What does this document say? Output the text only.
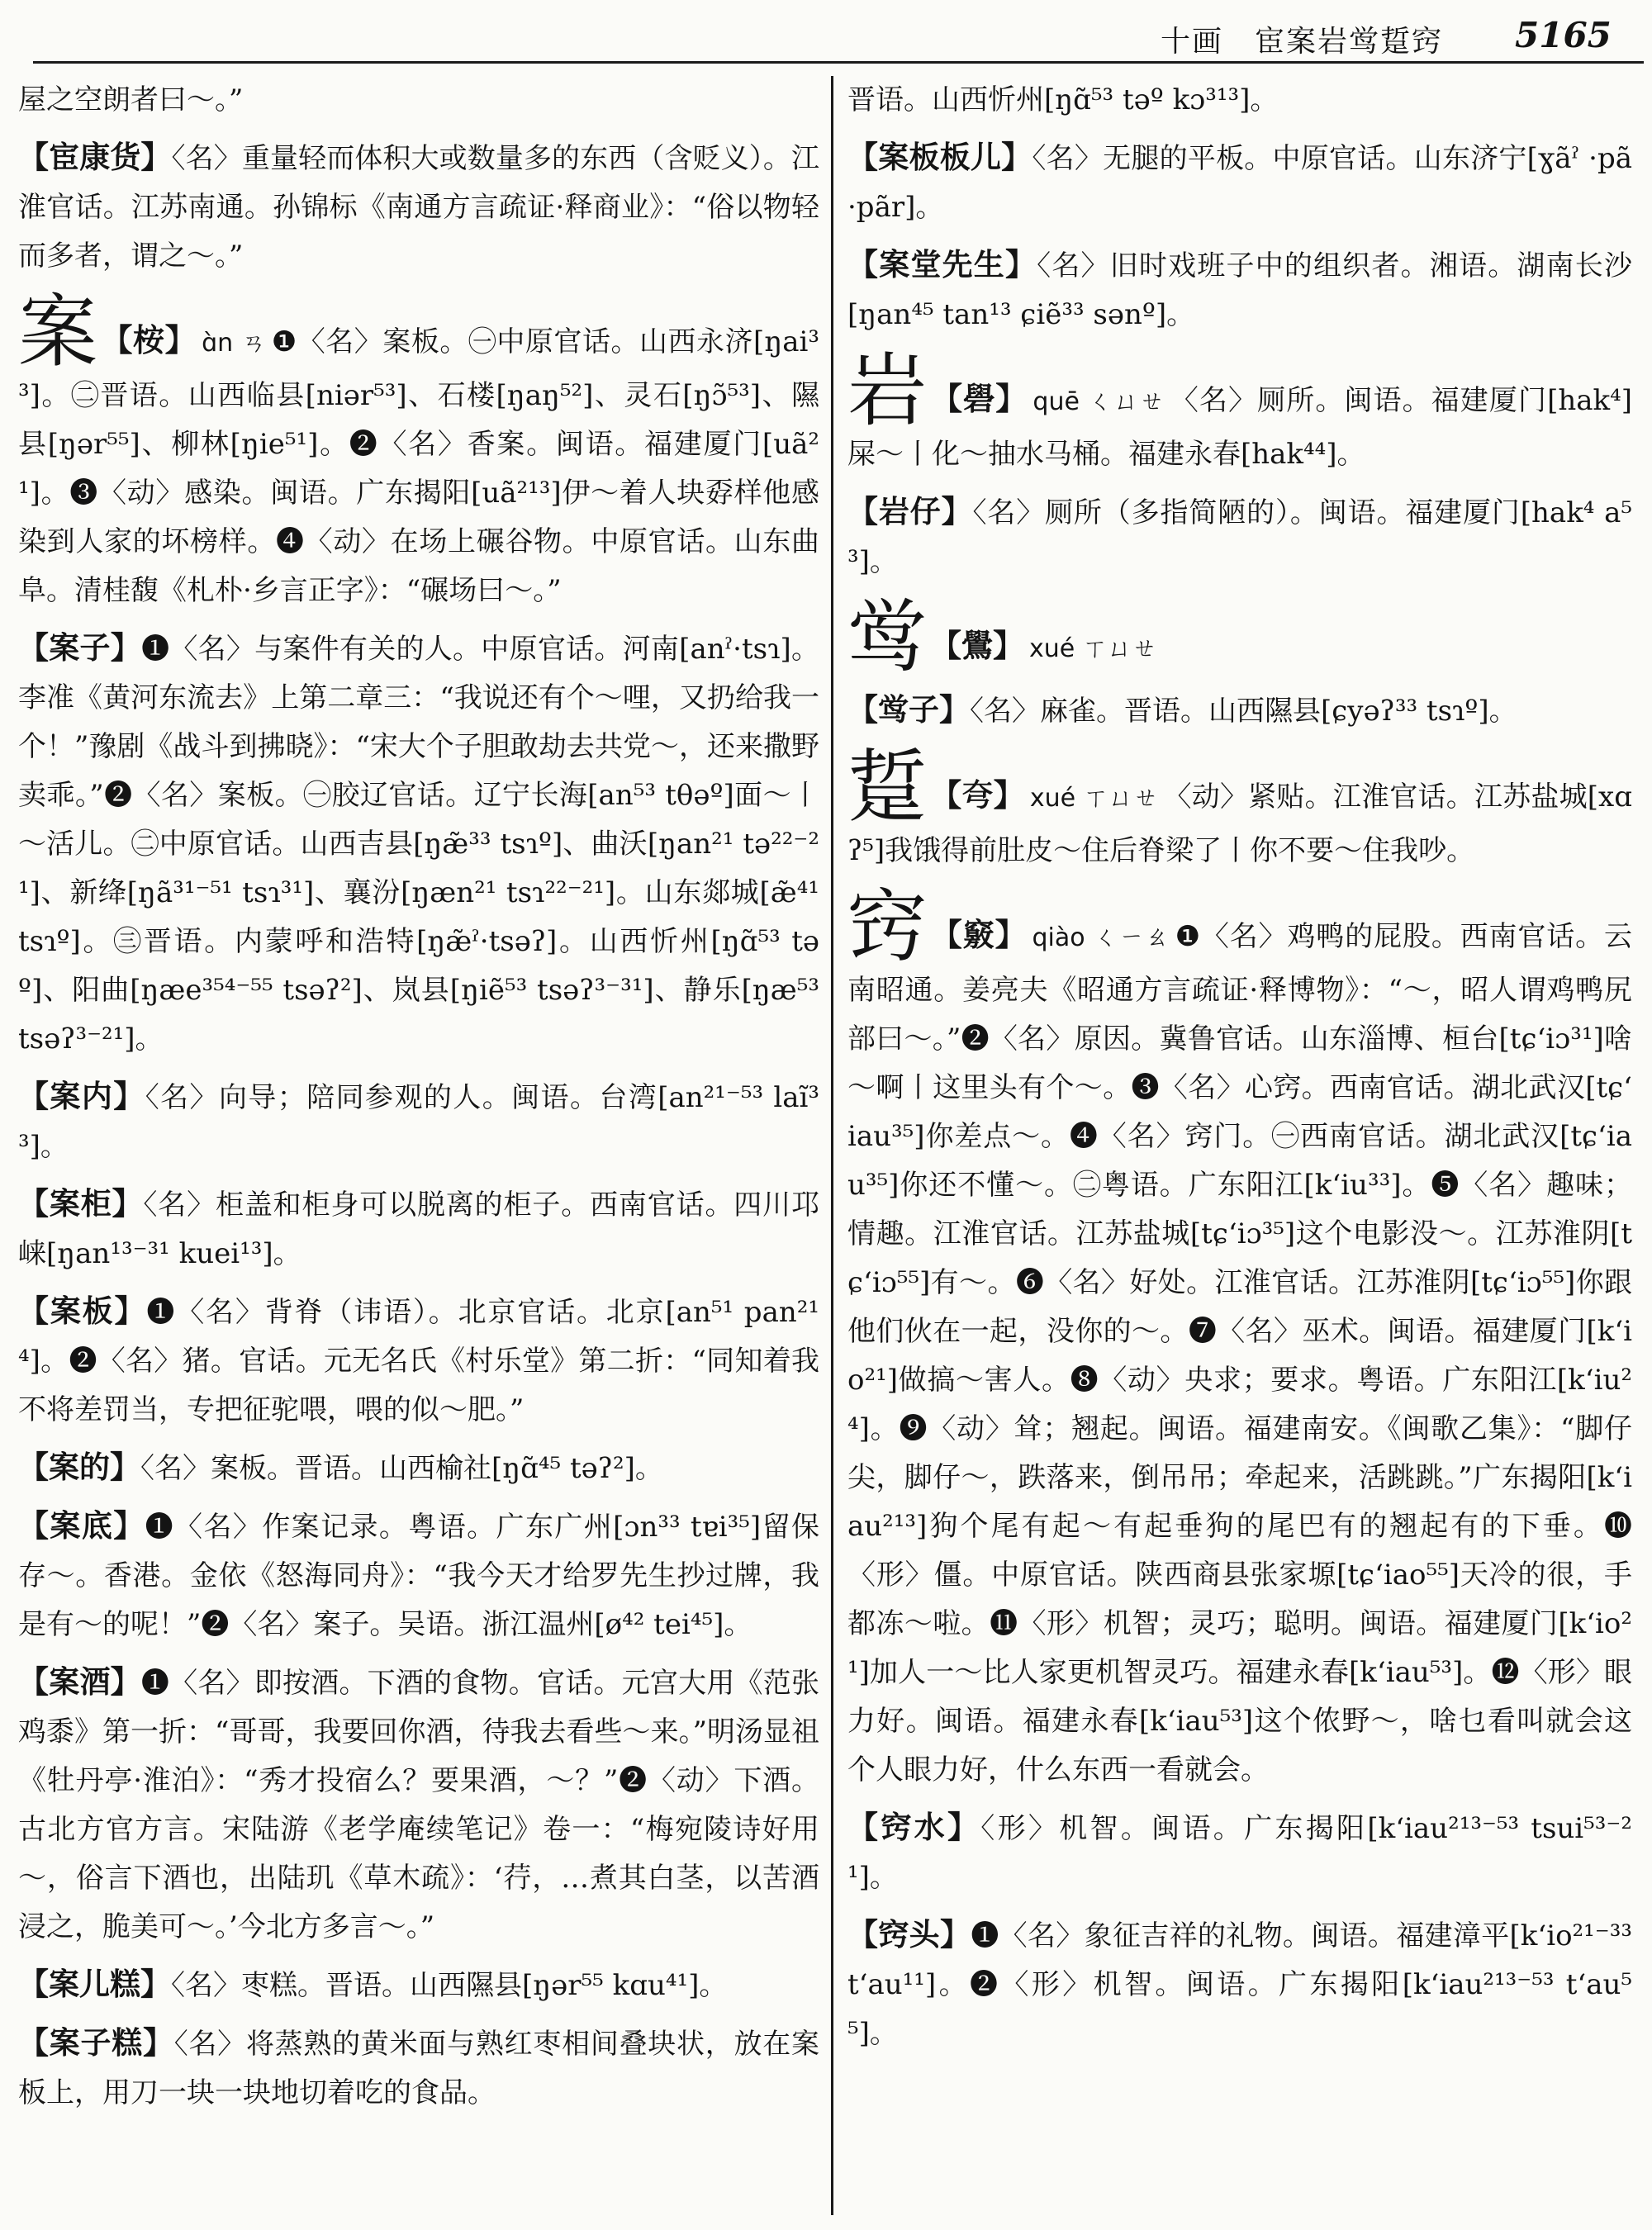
十画　宦案岩鸴踅窍 5165

屋之空朗者曰～。”

【宦康货】〈名〉重量轻而体积大或数量多的东西（含贬义）。江淮官话。江苏南通。孙锦标《南通方言疏证·释商业》：“俗以物轻而多者，谓之～。”

案 【桉】 ɑ̀n ㄢ ❶〈名〉案板。㊀中原官话。山西永济[ŋai³³]。㊁晋语。山西临县[niər⁵³]、石楼[ŋaŋ⁵²]、灵石[ŋɔ̃⁵³]、隰县[ŋər⁵⁵]、柳林[ŋie⁵¹]。❷〈名〉香案。闽语。福建厦门[uã²¹]。❸〈动〉感染。闽语。广东揭阳[uã²¹³]伊～着人块孬样他感染到人家的坏榜样。❹〈动〉在场上碾谷物。中原官话。山东曲阜。清桂馥《札朴·乡言正字》：“碾场曰～。”

【案子】❶〈名〉与案件有关的人。中原官话。河南[anˀ·tsɿ]。李准《黄河东流去》上第二章三：“我说还有个～哩，又扔给我一个！”豫剧《战斗到拂晓》：“宋大个子胆敢劫去共党～，还来撒野卖乖。”❷〈名〉案板。㊀胶辽官话。辽宁长海[an⁵³ tθəº]面～丨～活儿。㊁中原官话。山西吉县[ŋæ̃³³ tsɿº]、曲沃[ŋan²¹ tə²²⁻²¹]、新绛[ŋã³¹⁻⁵¹ tsɿ³¹]、襄汾[ŋæn²¹ tsɿ²²⁻²¹]。山东郯城[æ̃⁴¹ tsɿº]。㊂晋语。内蒙呼和浩特[ŋæ̃ˀ·tsəʔ]。山西忻州[ŋɑ̃⁵³ təº]、阳曲[ŋæe³⁵⁴⁻⁵⁵ tsəʔ²]、岚县[ŋiẽ⁵³ tsəʔ³⁻³¹]、静乐[ŋæ⁵³ tsəʔ³⁻²¹]。

【案内】〈名〉向导；陪同参观的人。闽语。台湾[an²¹⁻⁵³ laĩ³³]。

【案柜】〈名〉柜盖和柜身可以脱离的柜子。西南官话。四川邛崃[ŋan¹³⁻³¹ kuei¹³]。

【案板】❶〈名〉背脊（讳语）。北京官话。北京[an⁵¹ pan²¹⁴]。❷〈名〉猪。官话。元无名氏《村乐堂》第二折：“同知着我不将差罚当，专把征驼喂，喂的似～肥。”

【案的】〈名〉案板。晋语。山西榆社[ŋɑ̃⁴⁵ təʔ²]。

【案底】❶〈名〉作案记录。粤语。广东广州[ɔn³³ tɐi³⁵]留保存～。香港。金依《怒海同舟》：“我今天才给罗先生抄过牌，我是有～的呢！”❷〈名〉案子。吴语。浙江温州[ø⁴² tei⁴⁵]。

【案酒】❶〈名〉即按酒。下酒的食物。官话。元宫大用《范张鸡黍》第一折：“哥哥，我要回你酒，待我去看些～来。”明汤显祖《牡丹亭·淮泊》：“秀才投宿么？要果酒，～？”❷〈动〉下酒。古北方官方言。宋陆游《老学庵续笔记》卷一：“梅宛陵诗好用～，俗言下酒也，出陆玑《草木疏》：‘荇，…煮其白茎，以苦酒浸之，脆美可～。’今北方多言～。”

【案儿糕】〈名〉枣糕。晋语。山西隰县[ŋər⁵⁵ kɑu⁴¹]。

【案子糕】〈名〉将蒸熟的黄米面与熟红枣相间叠块状，放在案板上，用刀一块一块地切着吃的食品。

晋语。山西忻州[ŋɑ̃⁵³ təº kɔ³¹³]。

【案板板儿】〈名〉无腿的平板。中原官话。山东济宁[ɣãˀ ·pã ·pãr]。

【案堂先生】〈名〉旧时戏班子中的组织者。湘语。湖南长沙[ŋan⁴⁵ tan¹³ ɕiẽ³³ sənº]。

岩 【礐】 quē ㄑㄩㄝ 〈名〉厕所。闽语。福建厦门[hak⁴]屎～丨化～抽水马桶。福建永春[hak⁴⁴]。

【岩仔】〈名〉厕所（多指简陋的）。闽语。福建厦门[hak⁴ a⁵³]。

鸴 【鷽】 xué ㄒㄩㄝ

【鸴子】〈名〉麻雀。晋语。山西隰县[ɕyəʔ³³ tsɿº]。

踅 【𡗝】 xué ㄒㄩㄝ 〈动〉紧贴。江淮官话。江苏盐城[xɑʔ⁵]我饿得前肚皮～住后脊梁了丨你不要～住我吵。

窍 【竅】 qiào ㄑㄧㄠ ❶〈名〉鸡鸭的屁股。西南官话。云南昭通。姜亮夫《昭通方言疏证·释博物》：“～，昭人谓鸡鸭尻部曰～。”❷〈名〉原因。冀鲁官话。山东淄博、桓台[tɕʻiɔ³¹]啥～啊丨这里头有个～。❸〈名〉心窍。西南官话。湖北武汉[tɕʻiau³⁵]你差点～。❹〈名〉窍门。㊀西南官话。湖北武汉[tɕʻiau³⁵]你还不懂～。㊁粤语。广东阳江[kʻiu³³]。❺〈名〉趣味；情趣。江淮官话。江苏盐城[tɕʻiɔ³⁵]这个电影没～。江苏淮阴[tɕʻiɔ⁵⁵]有～。❻〈名〉好处。江淮官话。江苏淮阴[tɕʻiɔ⁵⁵]你跟他们伙在一起，没你的～。❼〈名〉巫术。闽语。福建厦门[kʻio²¹]做搞～害人。❽〈动〉央求；要求。粤语。广东阳江[kʻiu²⁴]。❾〈动〉耸；翘起。闽语。福建南安。《闽歌乙集》：“脚仔尖，脚仔～，跌落来，倒吊吊；牵起来，活跳跳。”广东揭阳[kʻiau²¹³]狗个尾有起～有起垂狗的尾巴有的翘起有的下垂。❿〈形〉僵。中原官话。陕西商县张家塬[tɕʻiao⁵⁵]天冷的很，手都冻～啦。⓫〈形〉机智；灵巧；聪明。闽语。福建厦门[kʻio²¹]加人一～比人家更机智灵巧。福建永春[kʻiau⁵³]。⓬〈形〉眼力好。闽语。福建永春[kʻiau⁵³]这个侬野～，啥乜看叫就会这个人眼力好，什么东西一看就会。

【窍水】〈形〉机智。闽语。广东揭阳[kʻiau²¹³⁻⁵³ tsui⁵³⁻²¹]。

【窍头】❶〈名〉象征吉祥的礼物。闽语。福建漳平[kʻio²¹⁻³³ tʻau¹¹]。❷〈形〉机智。闽语。广东揭阳[kʻiau²¹³⁻⁵³ tʻau⁵⁵]。
